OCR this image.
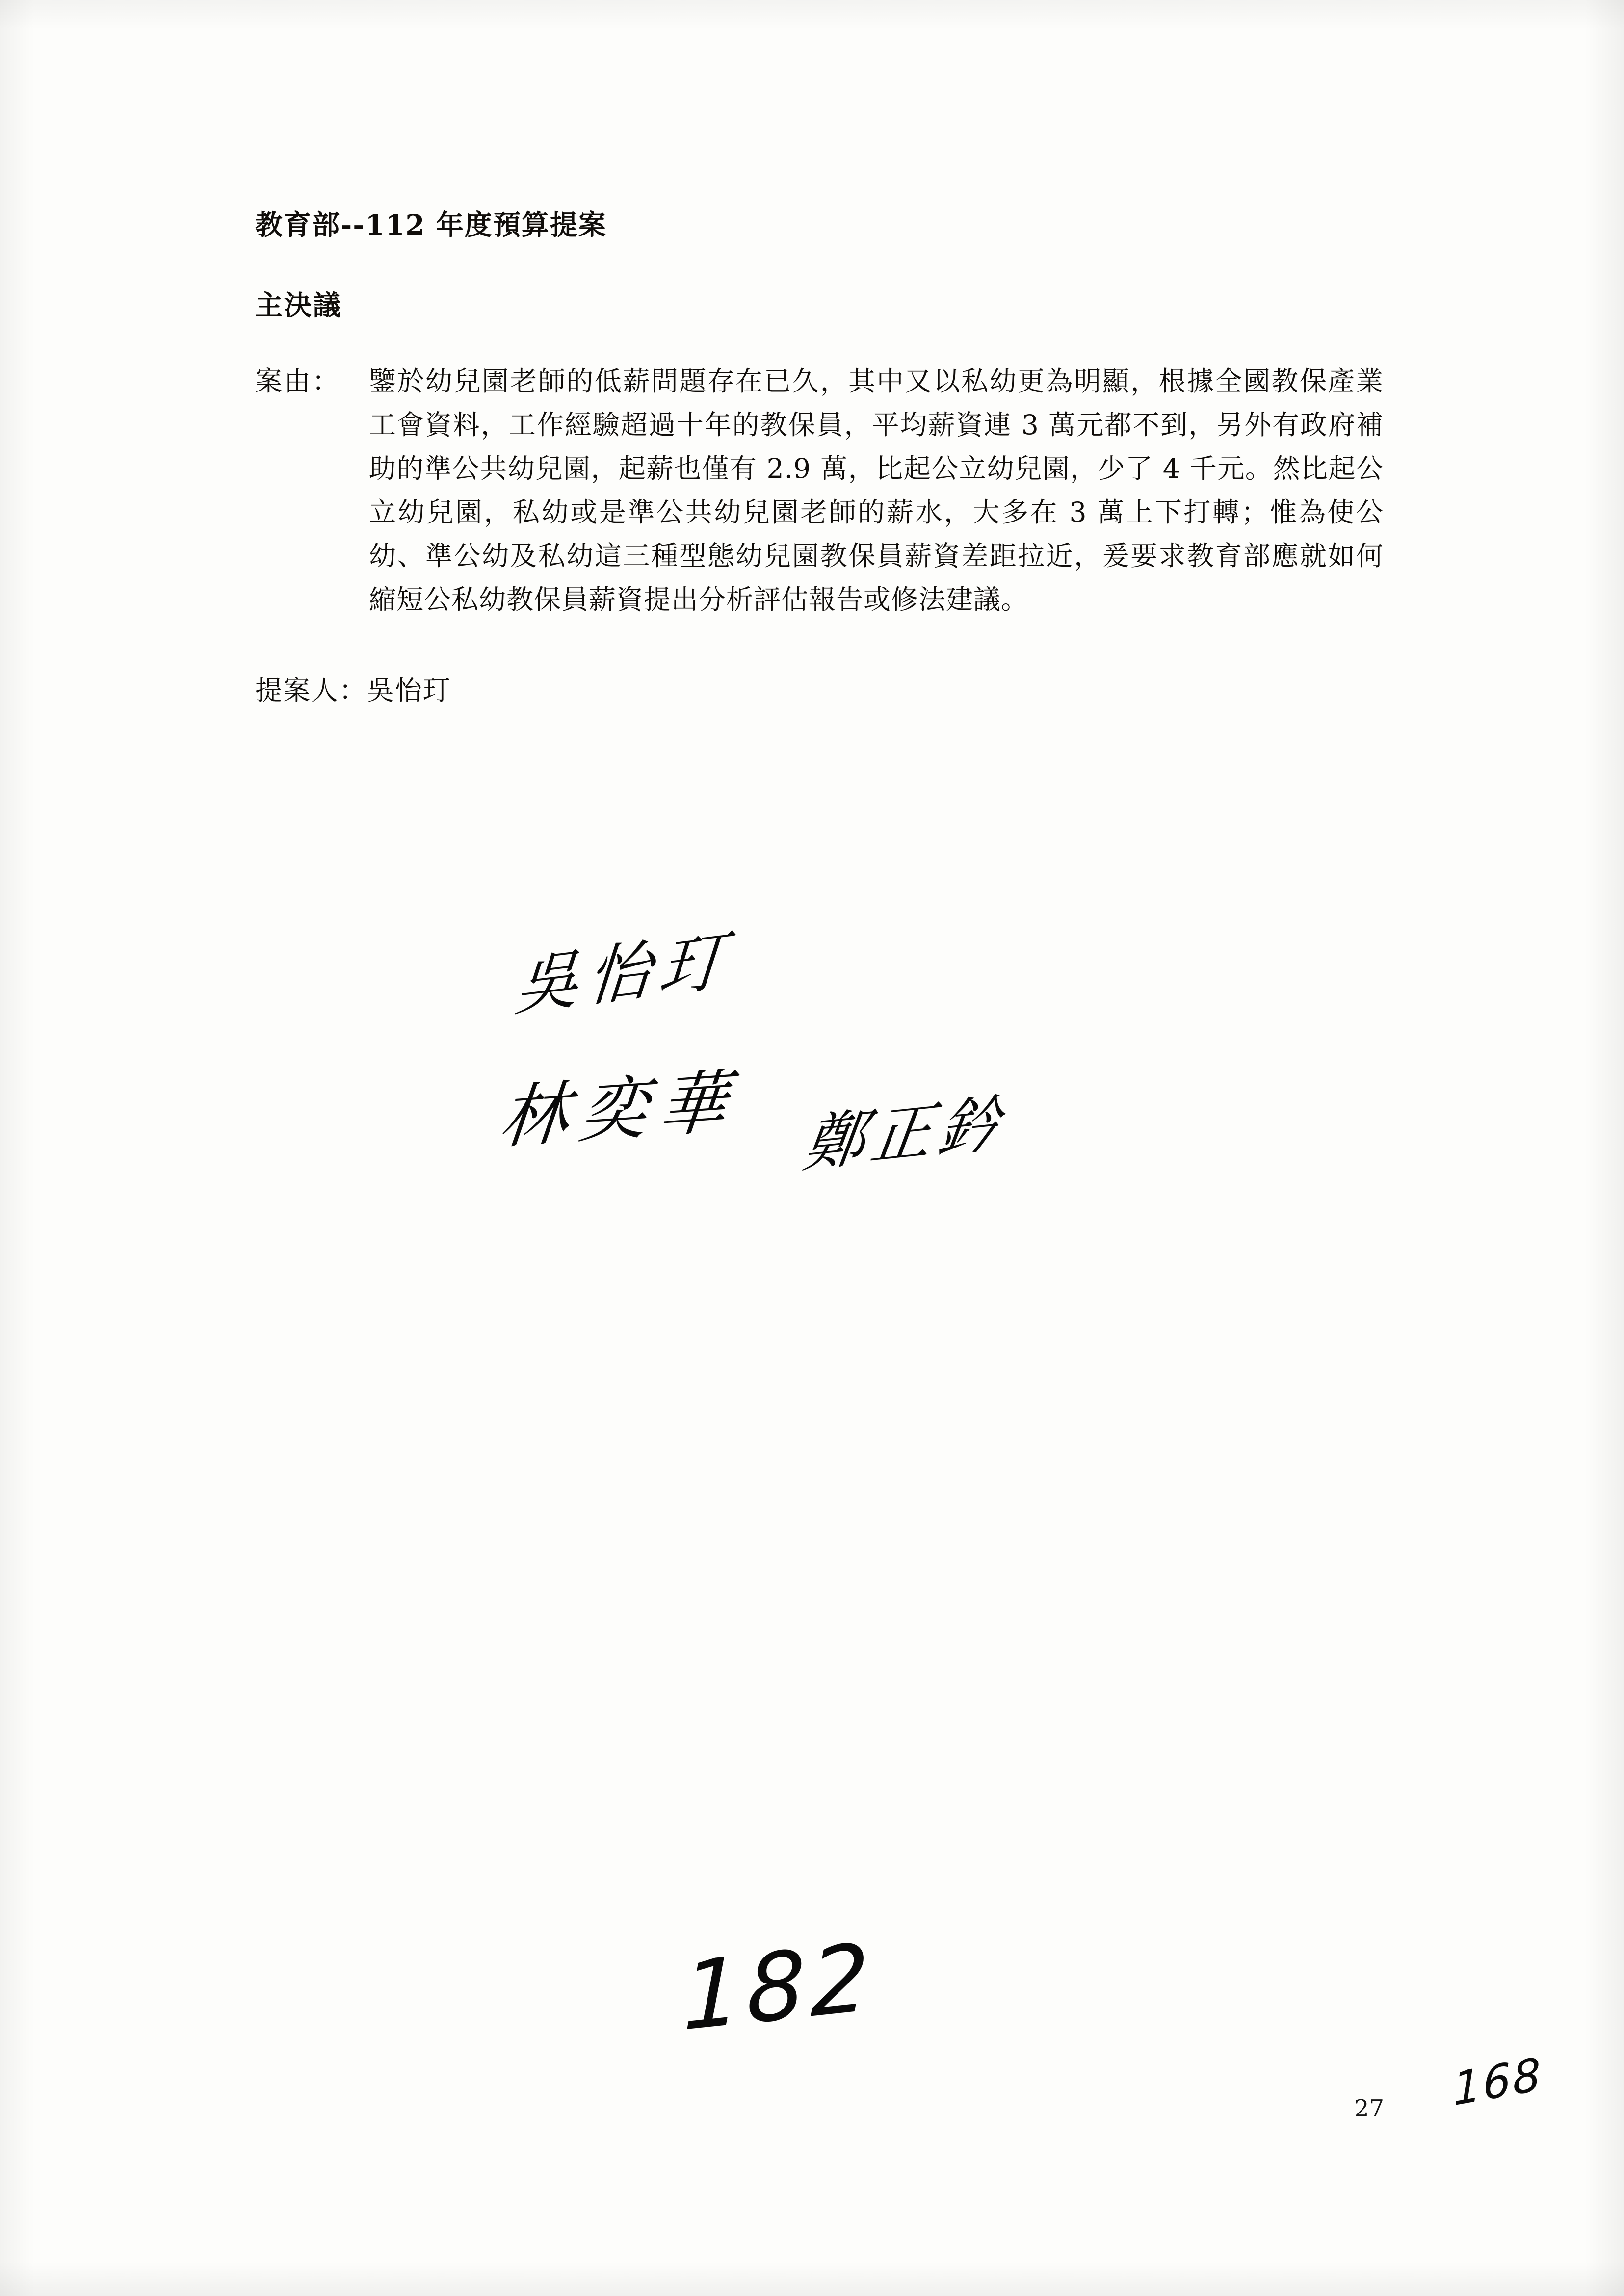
教育部--112 年度預算提案
主決議
案由：	鑒於幼兒園老師的低薪問題存在已久，其中又以私幼更為明顯，根據全國教保產業工會資料，工作經驗超過十年的教保員，平均薪資連 3 萬元都不到，另外有政府補助的準公共幼兒園，起薪也僅有 2.9 萬，比起公立幼兒園，少了 4 千元。然比起公立幼兒園，私幼或是準公共幼兒園老師的薪水，大多在 3 萬上下打轉；惟為使公幼、準公幼及私幼這三種型態幼兒園教保員薪資差距拉近，爰要求教育部應就如何縮短公私幼教保員薪資提出分析評估報告或修法建議。

提案人：吳怡玎

吳怡玎
林奕華 鄭正鈐
182
27 168
